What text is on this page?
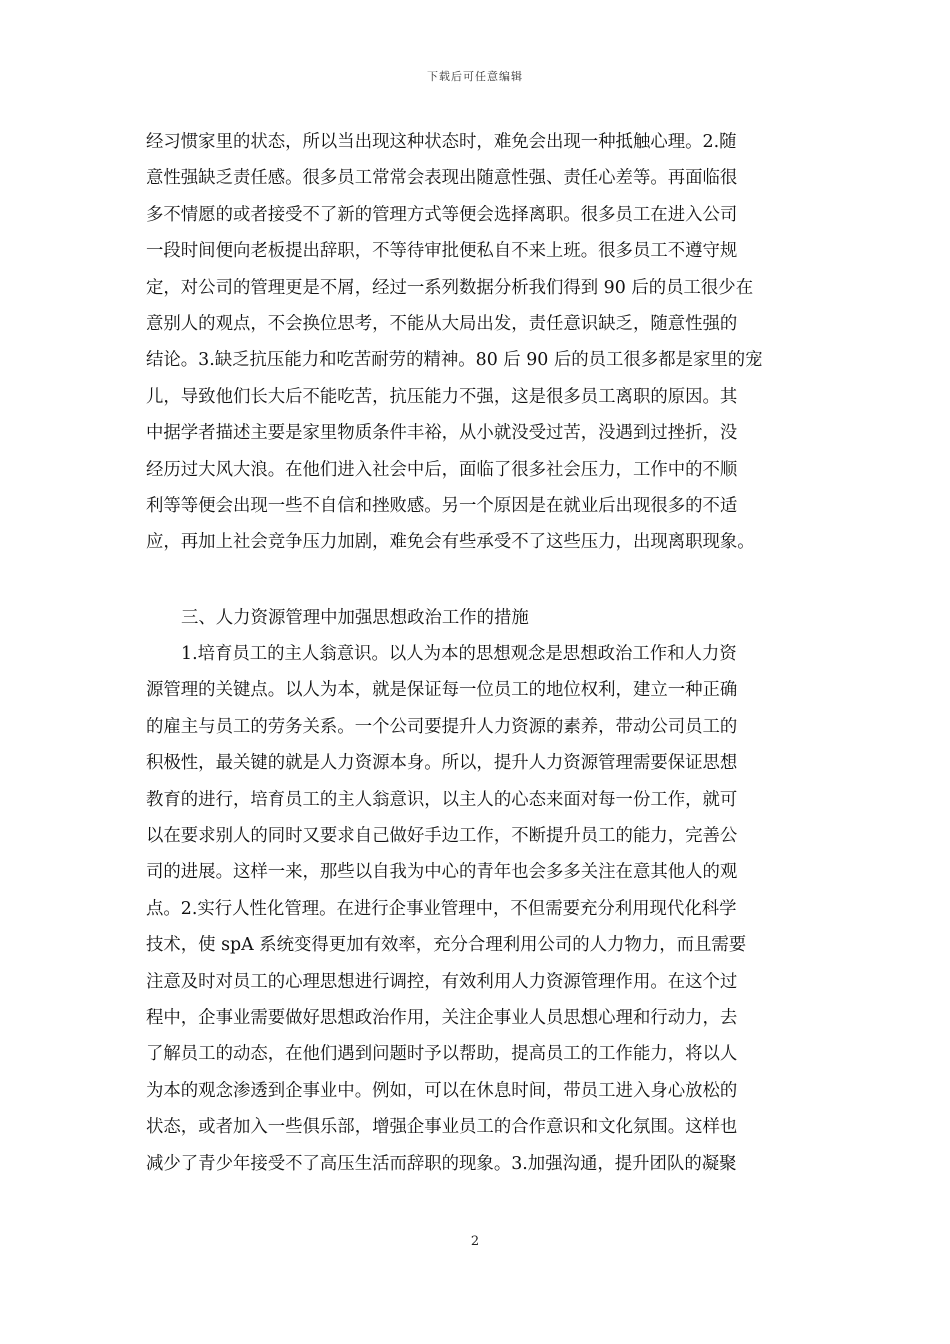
下载后可任意编辑
经习惯家里的状态，所以当出现这种状态时，难免会出现一种抵触心理。2.随
意性强缺乏责任感。很多员工常常会表现出随意性强、责任心差等。再面临很
多不情愿的或者接受不了新的管理方式等便会选择离职。很多员工在进入公司
一段时间便向老板提出辞职，不等待审批便私自不来上班。很多员工不遵守规
定，对公司的管理更是不屑，经过一系列数据分析我们得到 90 后的员工很少在
意别人的观点，不会换位思考，不能从大局出发，责任意识缺乏，随意性强的
结论。3.缺乏抗压能力和吃苦耐劳的精神。80 后 90 后的员工很多都是家里的宠
儿，导致他们长大后不能吃苦，抗压能力不强，这是很多员工离职的原因。其
中据学者描述主要是家里物质条件丰裕，从小就没受过苦，没遇到过挫折，没
经历过大风大浪。在他们进入社会中后，面临了很多社会压力，工作中的不顺
利等等便会出现一些不自信和挫败感。另一个原因是在就业后出现很多的不适
应，再加上社会竞争压力加剧，难免会有些承受不了这些压力，出现离职现象。
三、人力资源管理中加强思想政治工作的措施
1.培育员工的主人翁意识。以人为本的思想观念是思想政治工作和人力资
源管理的关键点。以人为本，就是保证每一位员工的地位权利，建立一种正确
的雇主与员工的劳务关系。一个公司要提升人力资源的素养，带动公司员工的
积极性，最关键的就是人力资源本身。所以，提升人力资源管理需要保证思想
教育的进行，培育员工的主人翁意识，以主人的心态来面对每一份工作，就可
以在要求别人的同时又要求自己做好手边工作，不断提升员工的能力，完善公
司的进展。这样一来，那些以自我为中心的青年也会多多关注在意其他人的观
点。2.实行人性化管理。在进行企事业管理中，不但需要充分利用现代化科学
技术，使 spA 系统变得更加有效率，充分合理利用公司的人力物力，而且需要
注意及时对员工的心理思想进行调控，有效利用人力资源管理作用。在这个过
程中，企事业需要做好思想政治作用，关注企事业人员思想心理和行动力，去
了解员工的动态，在他们遇到问题时予以帮助，提高员工的工作能力，将以人
为本的观念渗透到企事业中。例如，可以在休息时间，带员工进入身心放松的
状态，或者加入一些俱乐部，增强企事业员工的合作意识和文化氛围。这样也
减少了青少年接受不了高压生活而辞职的现象。3.加强沟通，提升团队的凝聚
2
